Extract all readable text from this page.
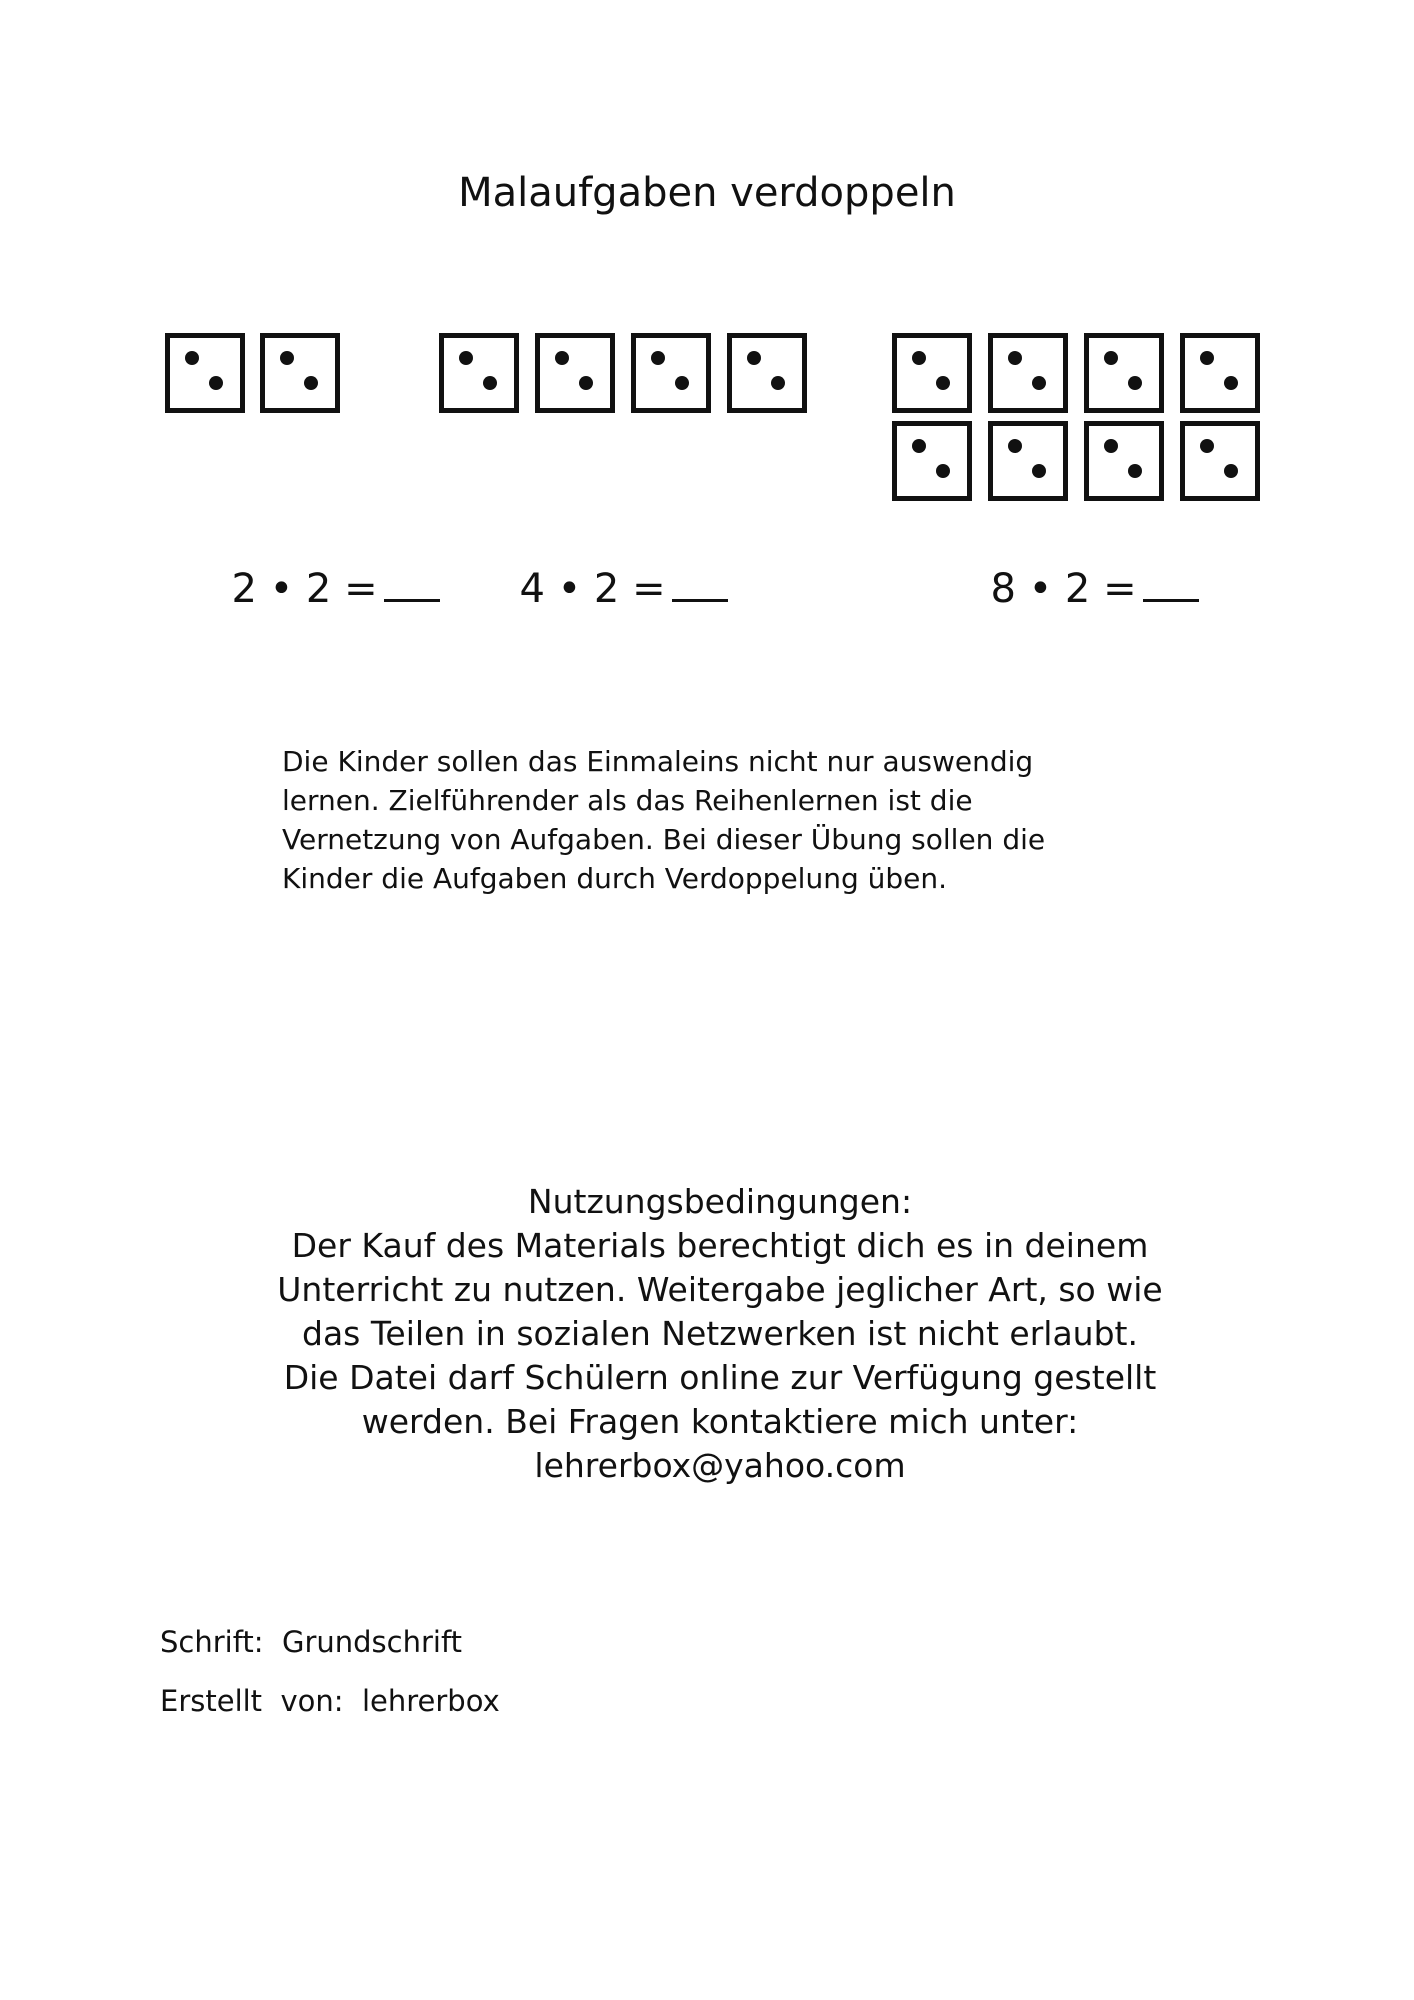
Malaufgaben verdoppeln

2 • 2 =	4 • 2 =	8 • 2 =

Die Kinder sollen das Einmaleins nicht nur auswendig lernen. Zielführender als das Reihenlernen ist die Vernetzung von Aufgaben. Bei dieser Übung sollen die Kinder die Aufgaben durch Verdoppelung üben.
Nutzungsbedingungen:
Der Kauf des Materials berechtigt dich es in deinem Unterricht zu nutzen. Weitergabe jeglicher Art, so wie das Teilen in sozialen Netzwerken ist nicht erlaubt. Die Datei darf Schülern online zur Verfügung gestellt werden. Bei Fragen kontaktiere mich unter: lehrerbox@yahoo.com
Schrift:  Grundschrift
Erstellt  von:  lehrerbox
